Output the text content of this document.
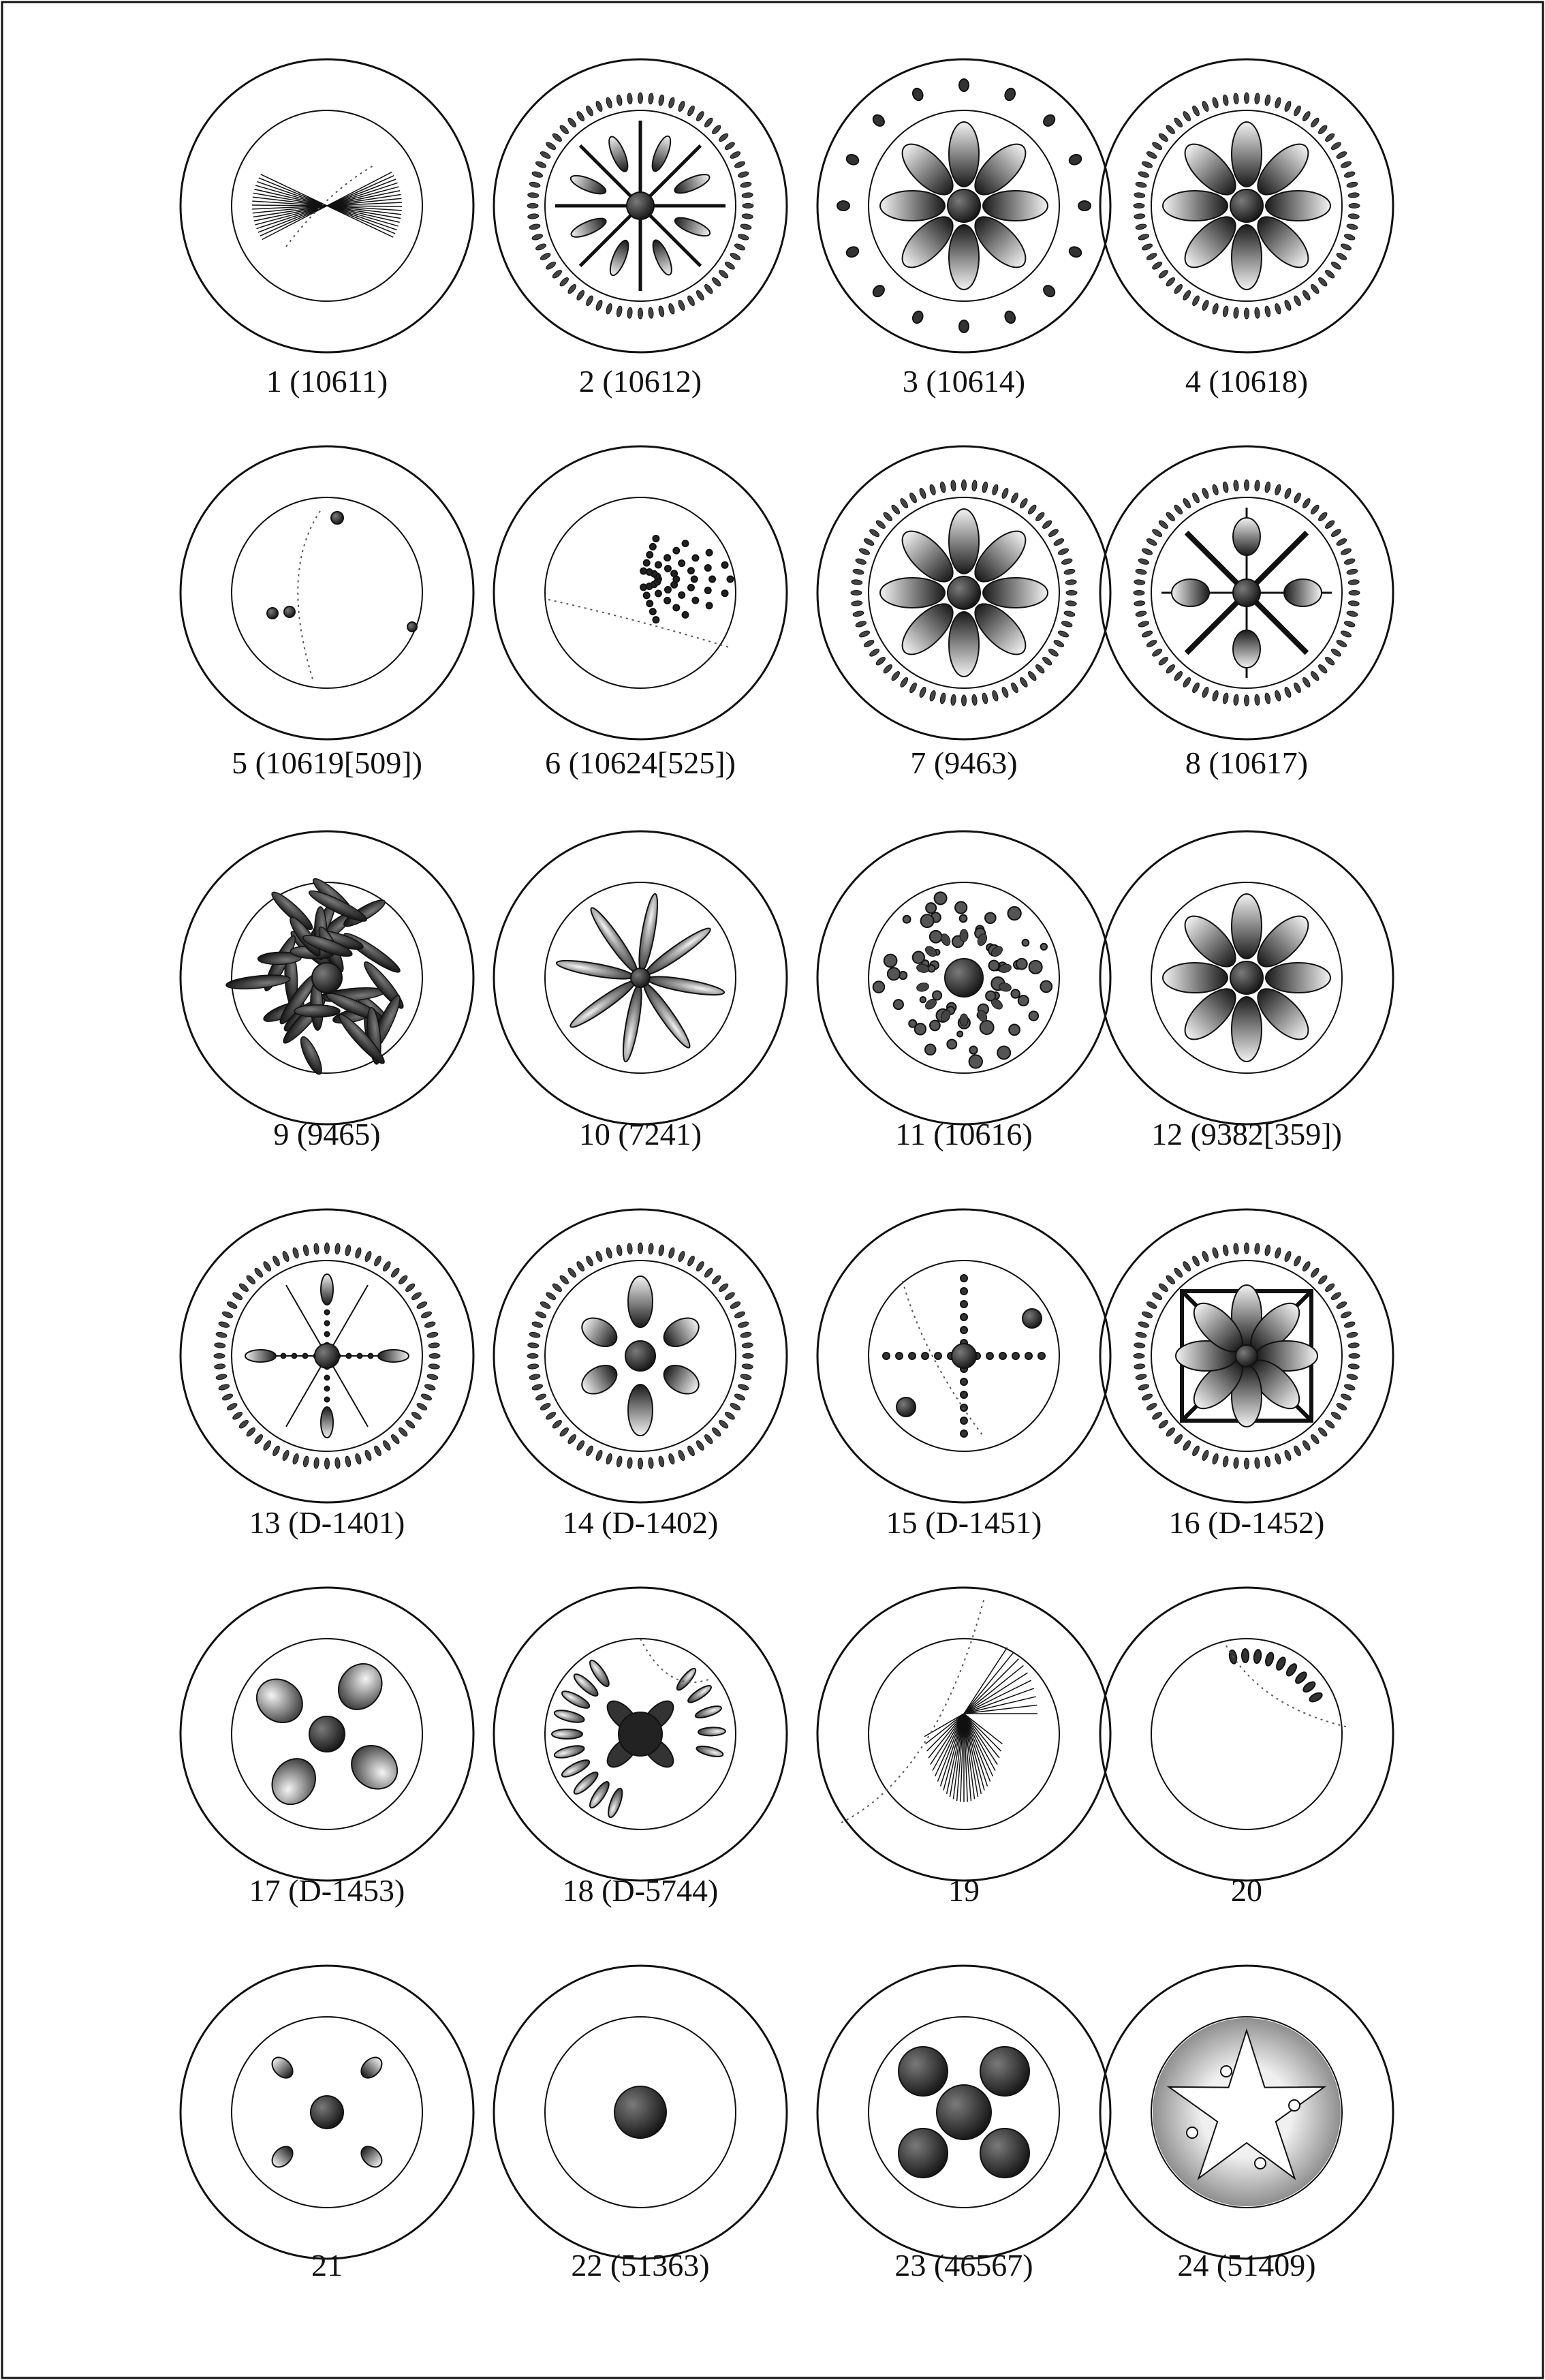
1 (10611)	2 (10612)	3 (10614)	4 (10618)
5 (10619[509])	6 (10624[525])	7 (9463)	8 (10617)
9 (9465)	10 (7241)	11 (10616)	12 (9382[359])
13 (D-1401)	14 (D-1402)	15 (D-1451)	16 (D-1452)
17 (D-1453)	18 (D-5744)	19	20
21	22 (51363)	23 (46567)	24 (51409)
